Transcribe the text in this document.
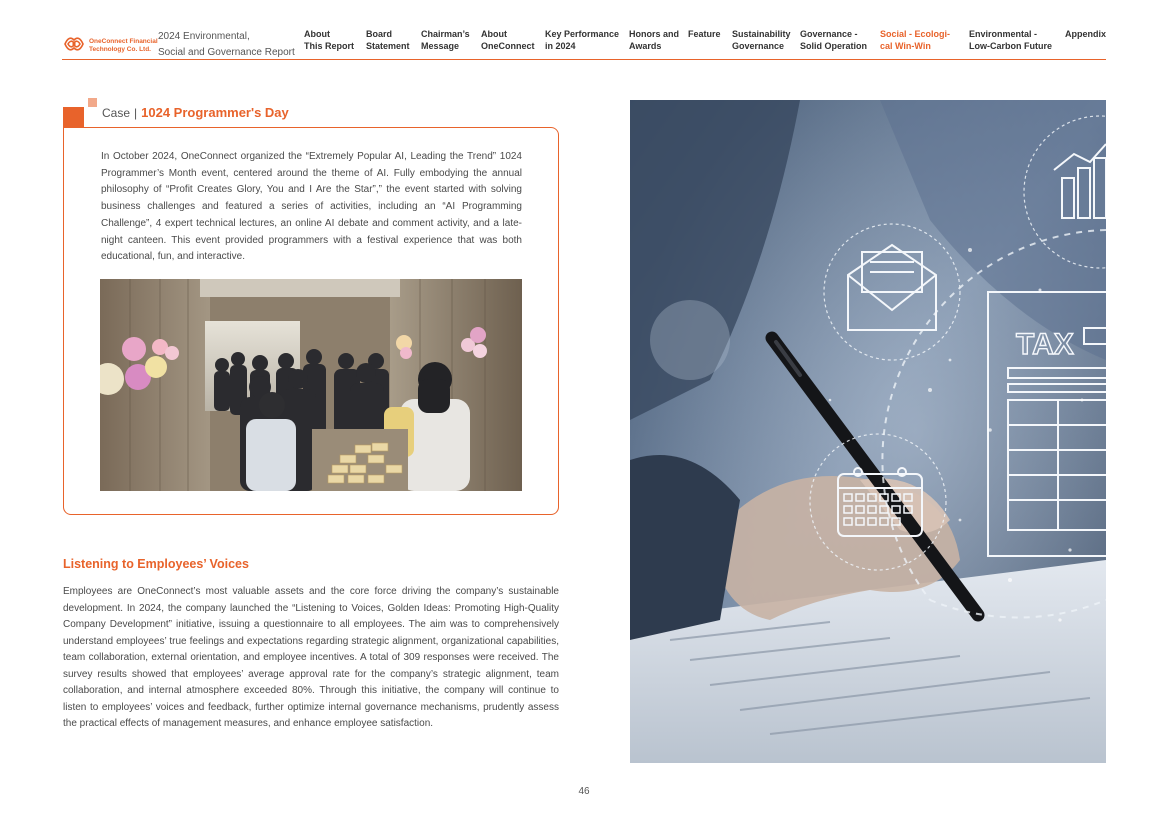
OneConnect Financial
Technology Co. Ltd.
2024 Environmental,
Social and Governance Report
About
This Report
Board
Statement
Chairman’s
Message
About
OneConnect
Key Performance
in 2024
Honors and
Awards
Feature Sustainability
Governance
Governance -
Solid Operation
Social - Ecologi-
cal Win-Win
Environmental -
Low-Carbon Future
Appendix
Case | 1024 Programmer's Day
In October 2024, OneConnect organized the “Extremely Popular AI, Leading the Trend” 1024 Programmer’s Month event, centered around the theme of AI. Fully embodying the annual philosophy of “Profit Creates Glory, You and I Are the Star”,” the event started with solving business challenges and featured a series of activities, including an “AI Programming Challenge”, 4 expert technical lectures, an online AI debate and comment activity, and a late-night canteen. This event provided programmers with a festival experience that was both educational, fun, and interactive.
Listening to Employees’ Voices
Employees are OneConnect’s most valuable assets and the core force driving the company’s sustainable development. In 2024, the company launched the “Listening to Voices, Golden Ideas: Promoting High-Quality Company Development” initiative, issuing a questionnaire to all employees. The aim was to comprehensively understand employees’ true feelings and expectations regarding strategic alignment, organizational capabilities, team collaboration, external orientation, and employee incentives. A total of 309 responses were received. The survey results showed that employees’ average approval rate for the company’s strategic alignment, team collaboration, and internal atmosphere exceeded 80%. Through this initiative, the company will continue to listen to employees’ voices and feedback, further optimize internal governance mechanisms, prudently assess the practical effects of management measures, and enhance employee satisfaction.
TAX
46
